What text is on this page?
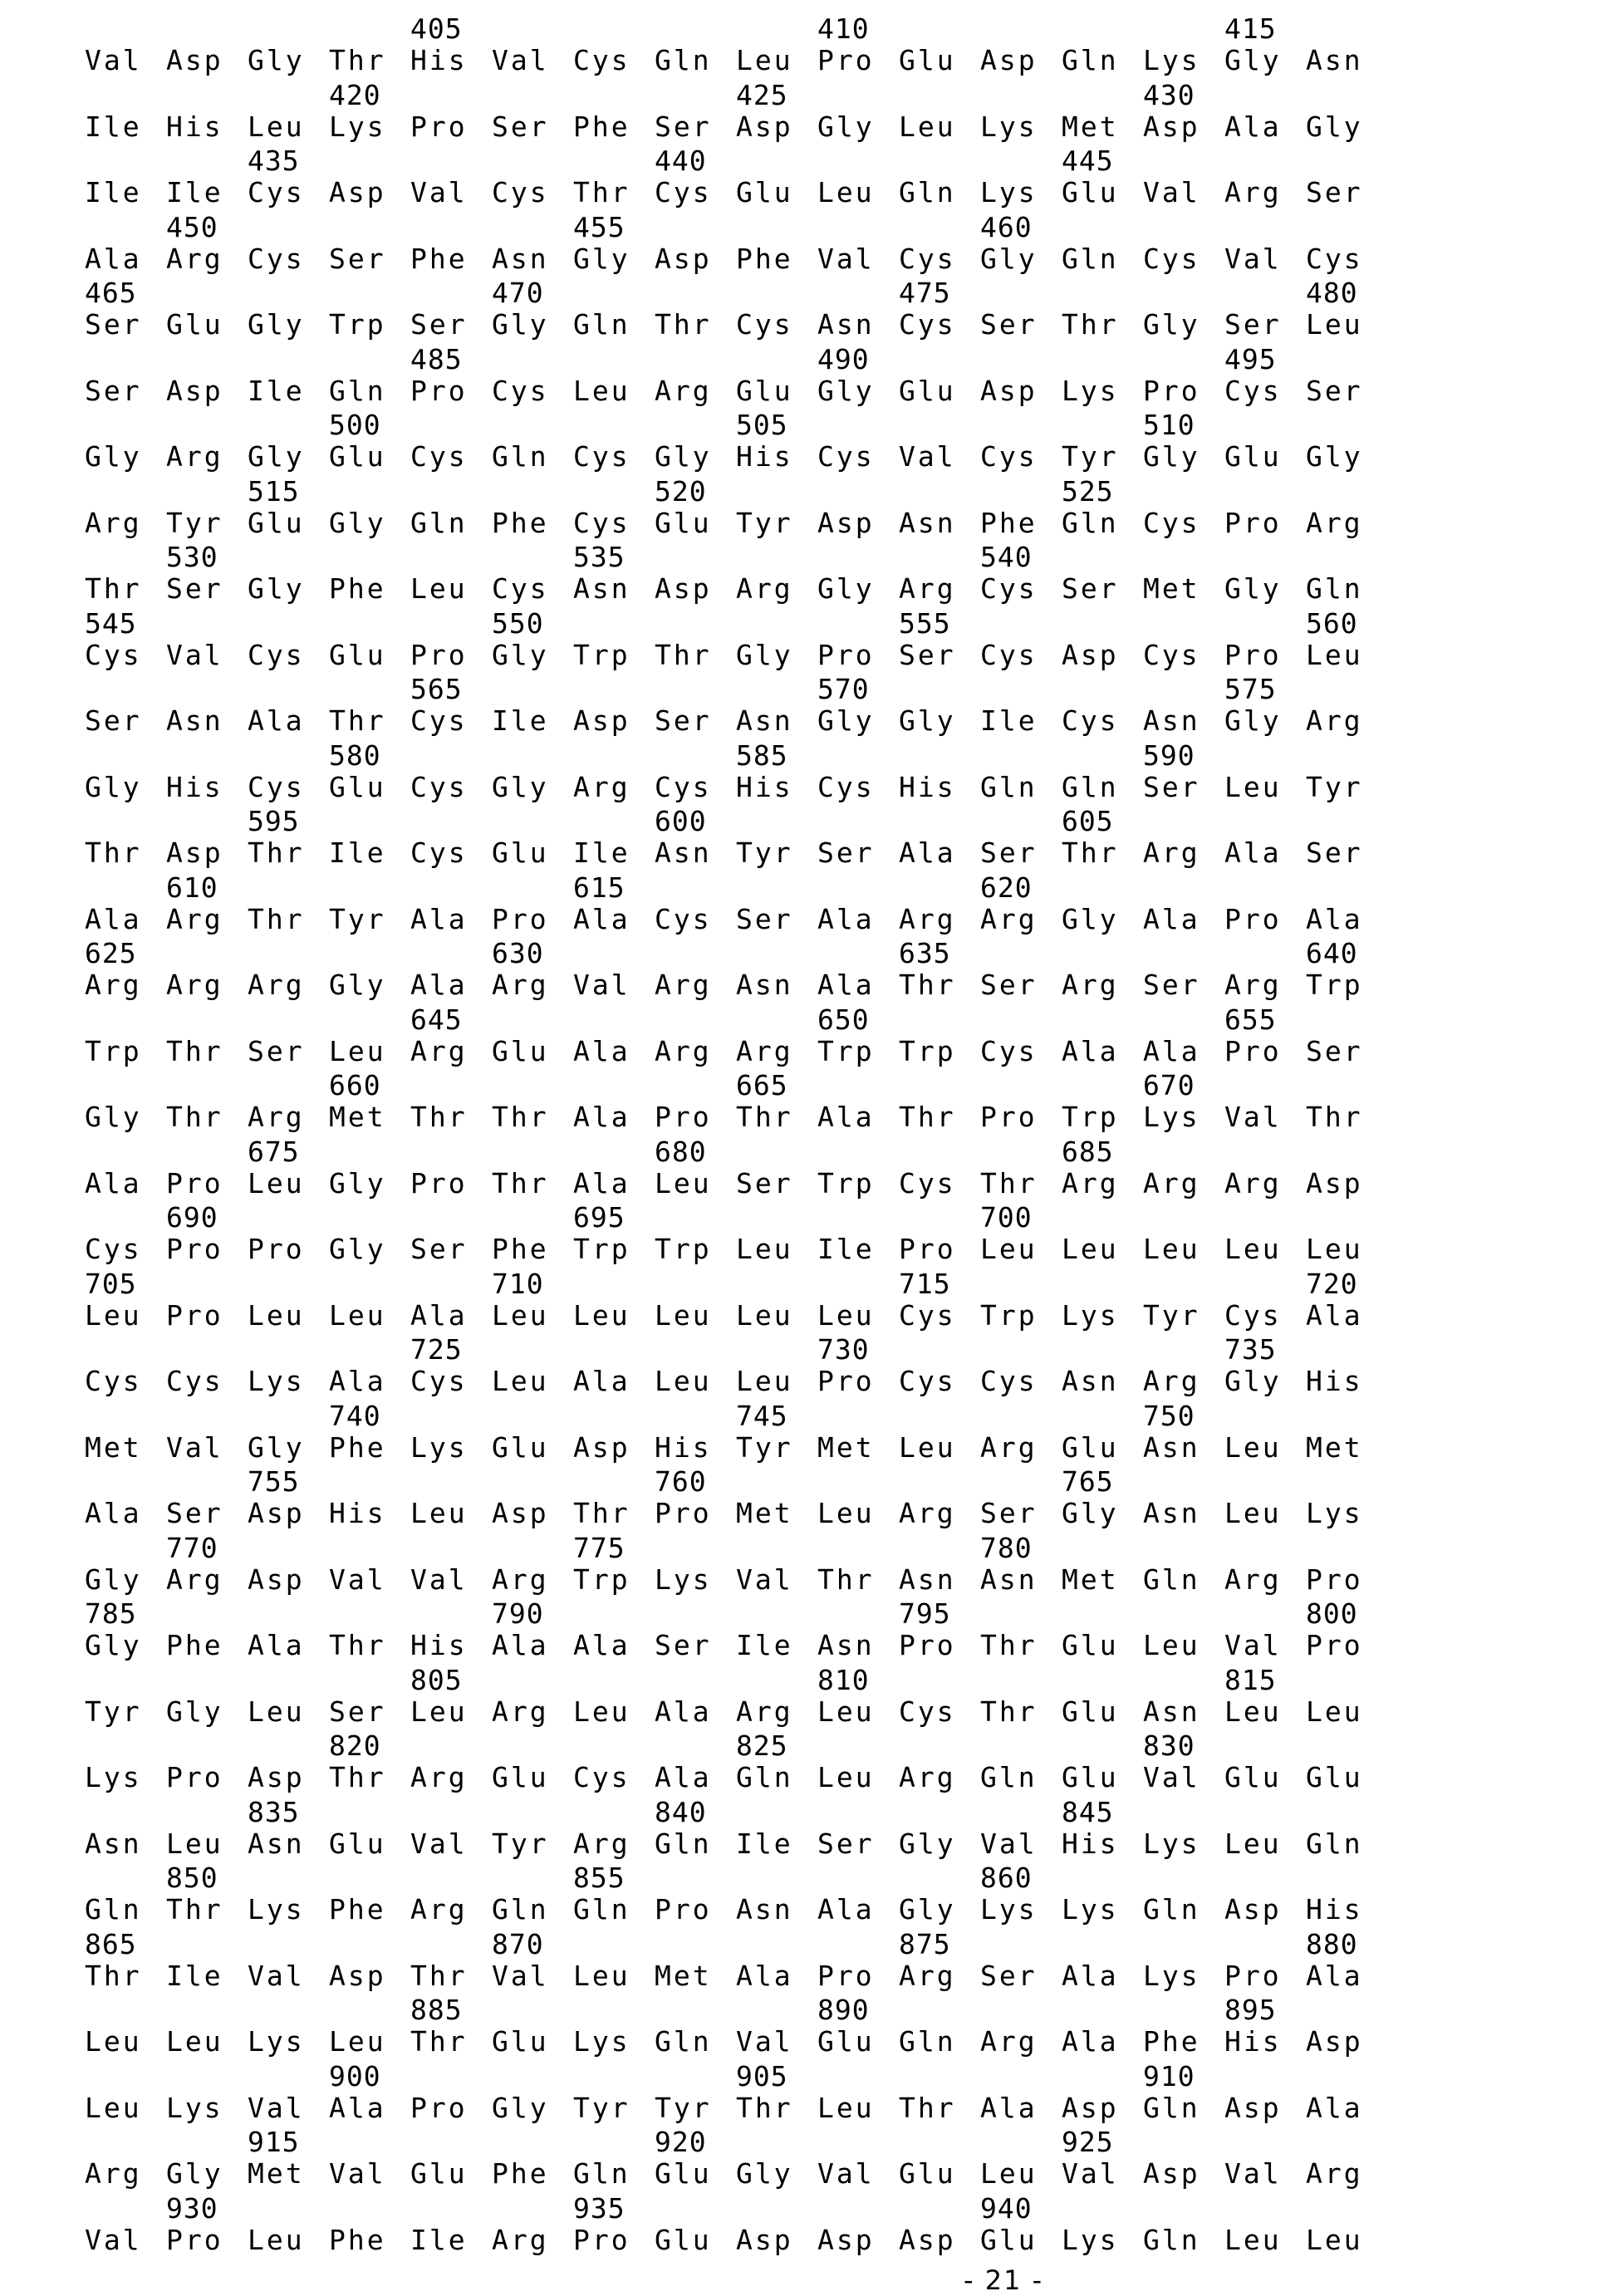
Val Asp Gly Thr His Val Cys Gln Leu Pro Glu Asp Gln Lys Gly Asn
405	410	415
Ile His Leu Lys Pro Ser Phe Ser Asp Gly Leu Lys Met Asp Ala Gly
420	425	430
Ile Ile Cys Asp Val Cys Thr Cys Glu Leu Gln Lys Glu Val Arg Ser
435	440	445
Ala Arg Cys Ser Phe Asn Gly Asp Phe Val Cys Gly Gln Cys Val Cys
450	455	460
Ser Glu Gly Trp Ser Gly Gln Thr Cys Asn Cys Ser Thr Gly Ser Leu
465	470	475	480
Ser Asp Ile Gln Pro Cys Leu Arg Glu Gly Glu Asp Lys Pro Cys Ser
485	490	495
Gly Arg Gly Glu Cys Gln Cys Gly His Cys Val Cys Tyr Gly Glu Gly
500	505	510
Arg Tyr Glu Gly Gln Phe Cys Glu Tyr Asp Asn Phe Gln Cys Pro Arg
515	520	525
Thr Ser Gly Phe Leu Cys Asn Asp Arg Gly Arg Cys Ser Met Gly Gln
530	535	540
Cys Val Cys Glu Pro Gly Trp Thr Gly Pro Ser Cys Asp Cys Pro Leu
545	550	555	560
Ser Asn Ala Thr Cys Ile Asp Ser Asn Gly Gly Ile Cys Asn Gly Arg
565	570	575
Gly His Cys Glu Cys Gly Arg Cys His Cys His Gln Gln Ser Leu Tyr
580	585	590
Thr Asp Thr Ile Cys Glu Ile Asn Tyr Ser Ala Ser Thr Arg Ala Ser
595	600	605
Ala Arg Thr Tyr Ala Pro Ala Cys Ser Ala Arg Arg Gly Ala Pro Ala
610	615	620
Arg Arg Arg Gly Ala Arg Val Arg Asn Ala Thr Ser Arg Ser Arg Trp
625	630	635	640
Trp Thr Ser Leu Arg Glu Ala Arg Arg Trp Trp Cys Ala Ala Pro Ser
645	650	655
Gly Thr Arg Met Thr Thr Ala Pro Thr Ala Thr Pro Trp Lys Val Thr
660	665	670
Ala Pro Leu Gly Pro Thr Ala Leu Ser Trp Cys Thr Arg Arg Arg Asp
675	680	685
Cys Pro Pro Gly Ser Phe Trp Trp Leu Ile Pro Leu Leu Leu Leu Leu
690	695	700
Leu Pro Leu Leu Ala Leu Leu Leu Leu Leu Cys Trp Lys Tyr Cys Ala
705	710	715	720
Cys Cys Lys Ala Cys Leu Ala Leu Leu Pro Cys Cys Asn Arg Gly His
725	730	735
Met Val Gly Phe Lys Glu Asp His Tyr Met Leu Arg Glu Asn Leu Met
740	745	750
Ala Ser Asp His Leu Asp Thr Pro Met Leu Arg Ser Gly Asn Leu Lys
755	760	765
Gly Arg Asp Val Val Arg Trp Lys Val Thr Asn Asn Met Gln Arg Pro
770	775	780
Gly Phe Ala Thr His Ala Ala Ser Ile Asn Pro Thr Glu Leu Val Pro
785	790	795	800
Tyr Gly Leu Ser Leu Arg Leu Ala Arg Leu Cys Thr Glu Asn Leu Leu
805	810	815
Lys Pro Asp Thr Arg Glu Cys Ala Gln Leu Arg Gln Glu Val Glu Glu
820	825	830
Asn Leu Asn Glu Val Tyr Arg Gln Ile Ser Gly Val His Lys Leu Gln
835	840	845
Gln Thr Lys Phe Arg Gln Gln Pro Asn Ala Gly Lys Lys Gln Asp His
850	855	860
Thr Ile Val Asp Thr Val Leu Met Ala Pro Arg Ser Ala Lys Pro Ala
865	870	875	880
Leu Leu Lys Leu Thr Glu Lys Gln Val Glu Gln Arg Ala Phe His Asp
885	890	895
Leu Lys Val Ala Pro Gly Tyr Tyr Thr Leu Thr Ala Asp Gln Asp Ala
900	905	910
Arg Gly Met Val Glu Phe Gln Glu Gly Val Glu Leu Val Asp Val Arg
915	920	925
Val Pro Leu Phe Ile Arg Pro Glu Asp Asp Asp Glu Lys Gln Leu Leu
930	935	940
- 21 -
